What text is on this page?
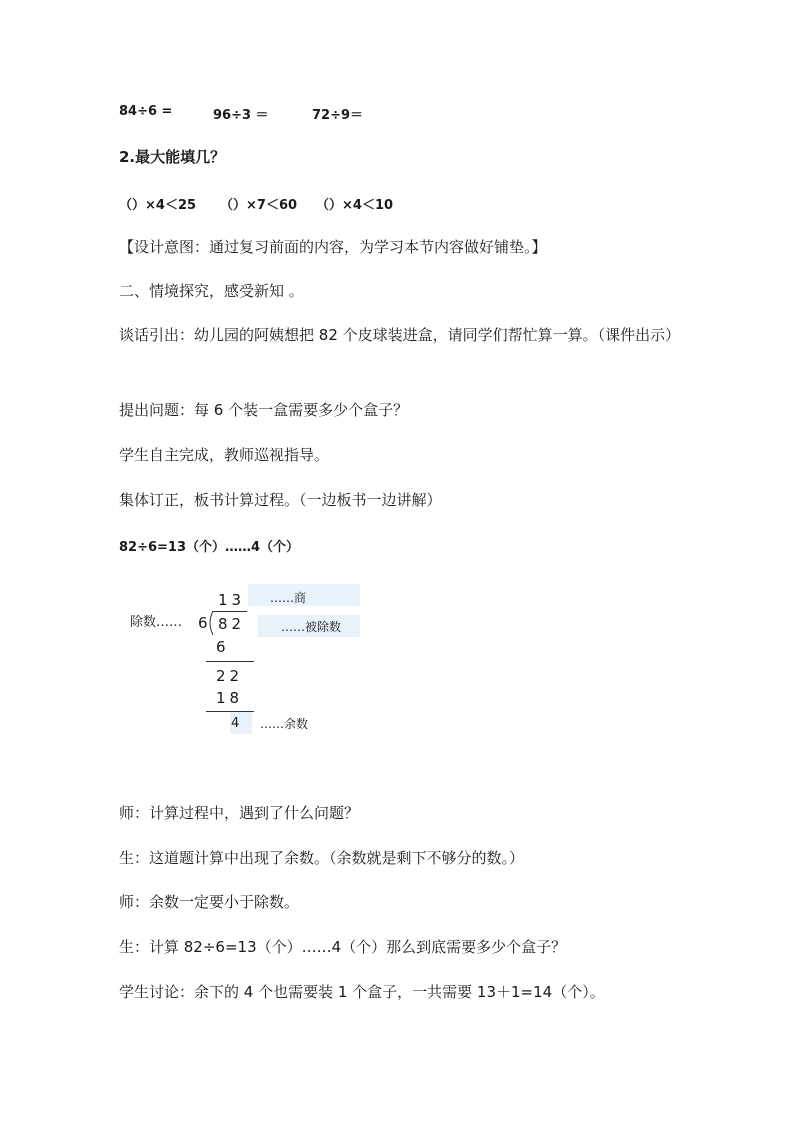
84÷6 =	96÷3 ＝	72÷9＝
2.最大能填几？
（）×4＜25 （）×7＜60 （）×4＜10
【设计意图：通过复习前面的内容，为学习本节内容做好铺垫。】
二、情境探究，感受新知 。
谈话引出：幼儿园的阿姨想把 82 个皮球装进盒，请同学们帮忙算一算。（课件出示）
提出问题：每 6 个装一盒需要多少个盒子？
学生自主完成，教师巡视指导。
集体订正，板书计算过程。（一边板书一边讲解）
82÷6=13（个）……4（个）
除数…… 6
13
82
6
22
18
4
……商
……被除数
……余数
师：计算过程中，遇到了什么问题？
生：这道题计算中出现了余数。（余数就是剩下不够分的数。）
师：余数一定要小于除数。
生：计算 82÷6=13（个）……4（个）那么到底需要多少个盒子？
学生讨论：余下的 4 个也需要装 1 个盒子，一共需要 13＋1=14（个）。
